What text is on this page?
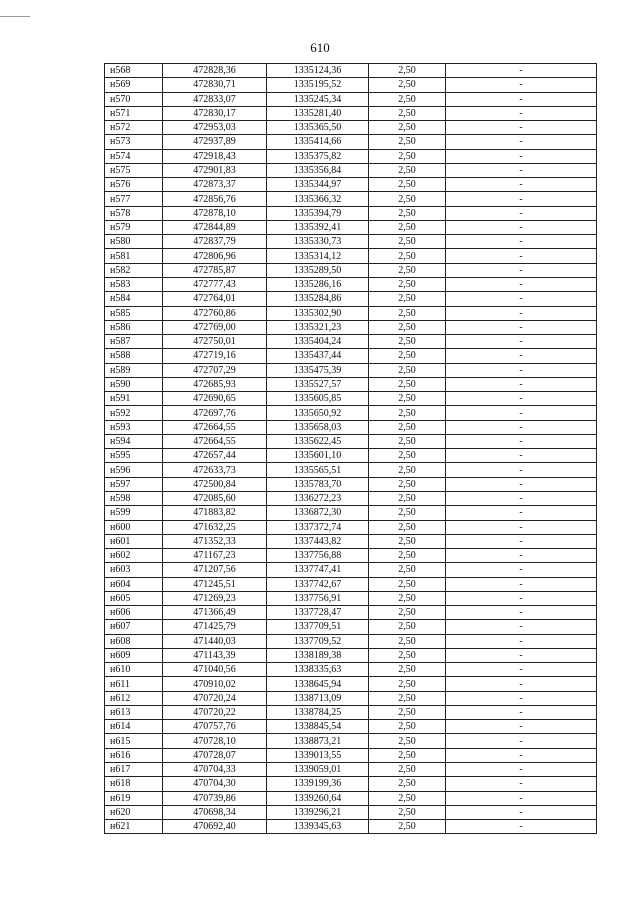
610
н568	472828,36	1335124,36	2,50	-
н569	472830,71	1335195,52	2,50	-
н570	472833,07	1335245,34	2,50	-
н571	472830,17	1335281,40	2,50	-
н572	472953,03	1335365,50	2,50	-
н573	472937,89	1335414,66	2,50	-
н574	472918,43	1335375,82	2,50	-
н575	472901,83	1335356,84	2,50	-
н576	472873,37	1335344,97	2,50	-
н577	472856,76	1335366,32	2,50	-
н578	472878,10	1335394,79	2,50	-
н579	472844,89	1335392,41	2,50	-
н580	472837,79	1335330,73	2,50	-
н581	472806,96	1335314,12	2,50	-
н582	472785,87	1335289,50	2,50	-
н583	472777,43	1335286,16	2,50	-
н584	472764,01	1335284,86	2,50	-
н585	472760,86	1335302,90	2,50	-
н586	472769,00	1335321,23	2,50	-
н587	472750,01	1335404,24	2,50	-
н588	472719,16	1335437,44	2,50	-
н589	472707,29	1335475,39	2,50	-
н590	472685,93	1335527,57	2,50	-
н591	472690,65	1335605,85	2,50	-
н592	472697,76	1335650,92	2,50	-
н593	472664,55	1335658,03	2,50	-
н594	472664,55	1335622,45	2,50	-
н595	472657,44	1335601,10	2,50	-
н596	472633,73	1335565,51	2,50	-
н597	472500,84	1335783,70	2,50	-
н598	472085,60	1336272,23	2,50	-
н599	471883,82	1336872,30	2,50	-
н600	471632,25	1337372,74	2,50	-
н601	471352,33	1337443,82	2,50	-
н602	471167,23	1337756,88	2,50	-
н603	471207,56	1337747,41	2,50	-
н604	471245,51	1337742,67	2,50	-
н605	471269,23	1337756,91	2,50	-
н606	471366,49	1337728,47	2,50	-
н607	471425,79	1337709,51	2,50	-
н608	471440,03	1337709,52	2,50	-
н609	471143,39	1338189,38	2,50	-
н610	471040,56	1338335,63	2,50	-
н611	470910,02	1338645,94	2,50	-
н612	470720,24	1338713,09	2,50	-
н613	470720,22	1338784,25	2,50	-
н614	470757,76	1338845,54	2,50	-
н615	470728,10	1338873,21	2,50	-
н616	470728,07	1339013,55	2,50	-
н617	470704,33	1339059,01	2,50	-
н618	470704,30	1339199,36	2,50	-
н619	470739,86	1339260,64	2,50	-
н620	470698,34	1339296,21	2,50	-
н621	470692,40	1339345,63	2,50	-
